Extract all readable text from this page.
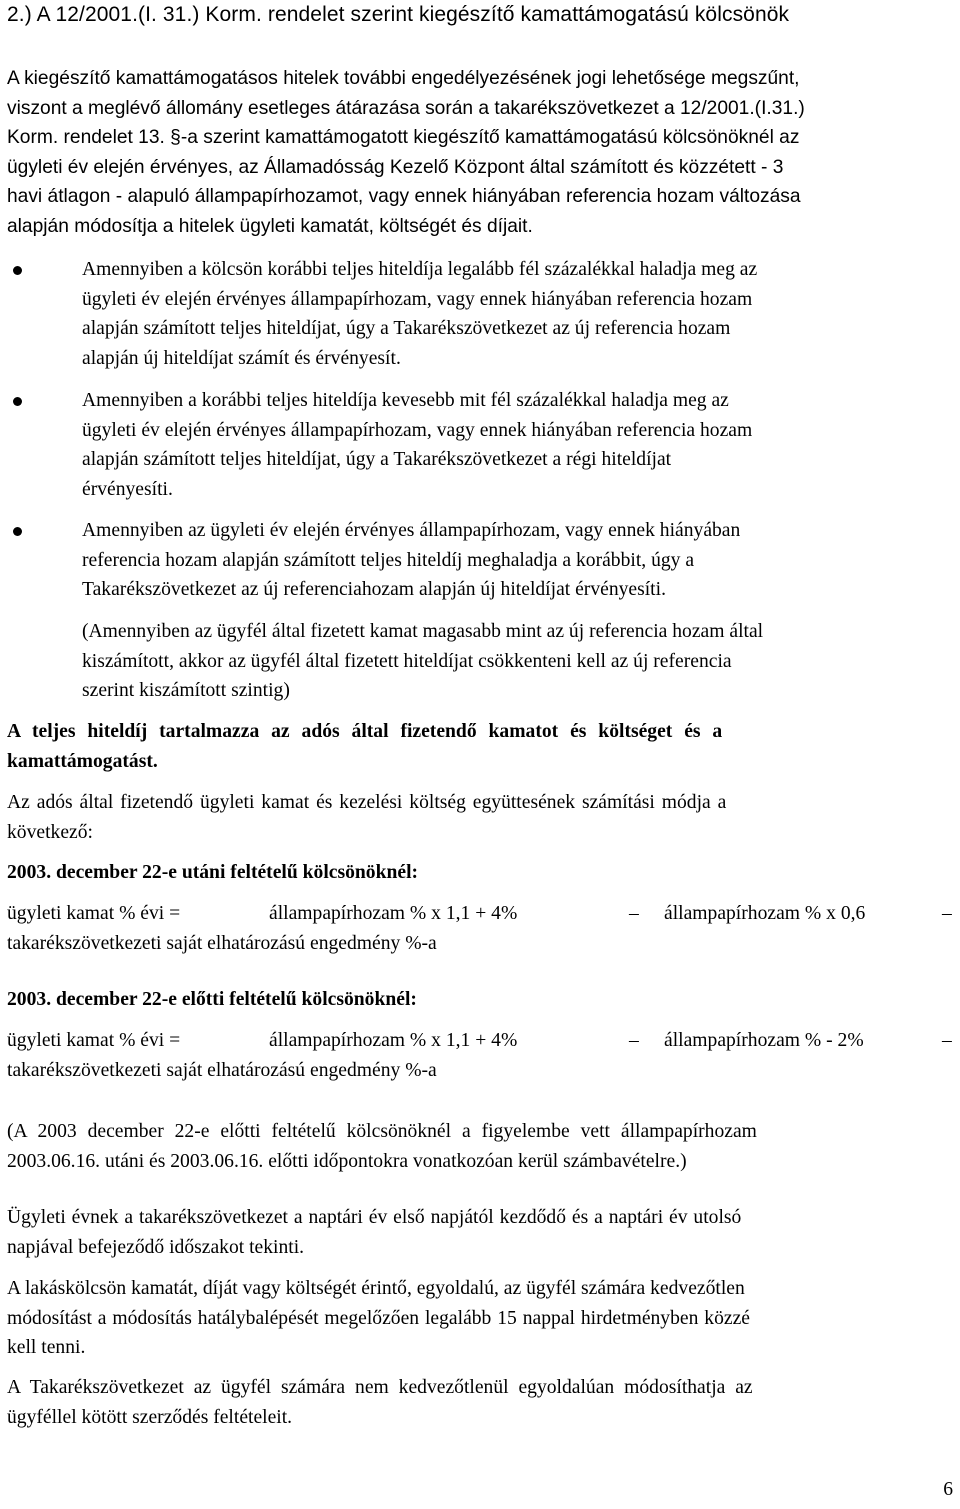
2.) A 12/2001.(I. 31.) Korm. rendelet szerint kiegészítő kamattámogatású kölcsönök
A kiegészítő kamattámogatásos hitelek további engedélyezésének jogi lehetősége megszűnt,
viszont a meglévő állomány esetleges átárazása során a takarékszövetkezet a 12/2001.(I.31.)
Korm. rendelet 13. §-a szerint kamattámogatott kiegészítő kamattámogatású kölcsönöknél az
ügyleti év elején érvényes, az Államadósság Kezelő Központ által számított és közzétett - 3
havi átlagon - alapuló állampapírhozamot, vagy ennek hiányában referencia hozam változása
alapján módosítja a hitelek ügyleti kamatát, költségét és díjait.
Amennyiben a kölcsön korábbi teljes hiteldíja legalább fél százalékkal haladja meg az
ügyleti év elején érvényes állampapírhozam, vagy ennek hiányában referencia hozam
alapján számított teljes hiteldíjat, úgy a Takarékszövetkezet az új referencia hozam
alapján új hiteldíjat számít és érvényesít.
Amennyiben a korábbi teljes hiteldíja kevesebb mit fél százalékkal haladja meg az
ügyleti év elején érvényes állampapírhozam, vagy ennek hiányában referencia hozam
alapján számított teljes hiteldíjat, úgy a Takarékszövetkezet a régi hiteldíjat
érvényesíti.
Amennyiben az ügyleti év elején érvényes állampapírhozam, vagy ennek hiányában
referencia hozam alapján számított teljes hiteldíj meghaladja a korábbit, úgy a
Takarékszövetkezet az új referenciahozam alapján új hiteldíjat érvényesíti.
(Amennyiben az ügyfél által fizetett kamat magasabb mint az új referencia hozam által
kiszámított, akkor az ügyfél által fizetett hiteldíjat csökkenteni kell az új referencia
szerint kiszámított szintig)
A teljes hiteldíj tartalmazza az adós által fizetendő kamatot és költséget és a
kamattámogatást.
Az adós által fizetendő ügyleti kamat és kezelési költség együttesének számítási módja a
következő:
2003. december 22-e utáni feltételű kölcsönöknél:
ügyleti kamat % évi =	állampapírhozam % x 1,1 + 4%	– állampapírhozam % x 0,6	–
takarékszövetkezeti saját elhatározású engedmény %-a
2003. december 22-e előtti feltételű kölcsönöknél:
ügyleti kamat % évi =	állampapírhozam % x 1,1 + 4%	– állampapírhozam % - 2%	–
takarékszövetkezeti saját elhatározású engedmény %-a
(A 2003 december 22-e előtti feltételű kölcsönöknél a figyelembe vett állampapírhozam
2003.06.16. utáni és 2003.06.16. előtti időpontokra vonatkozóan kerül számbavételre.)
Ügyleti évnek a takarékszövetkezet a naptári év első napjától kezdődő és a naptári év utolsó
napjával befejeződő időszakot tekinti.
A lakáskölcsön kamatát, díját vagy költségét érintő, egyoldalú, az ügyfél számára kedvezőtlen
módosítást a módosítás hatálybalépését megelőzően legalább 15 nappal hirdetményben közzé
kell tenni.
A Takarékszövetkezet az ügyfél számára nem kedvezőtlenül egyoldalúan módosíthatja az
ügyféllel kötött szerződés feltételeit.
6
